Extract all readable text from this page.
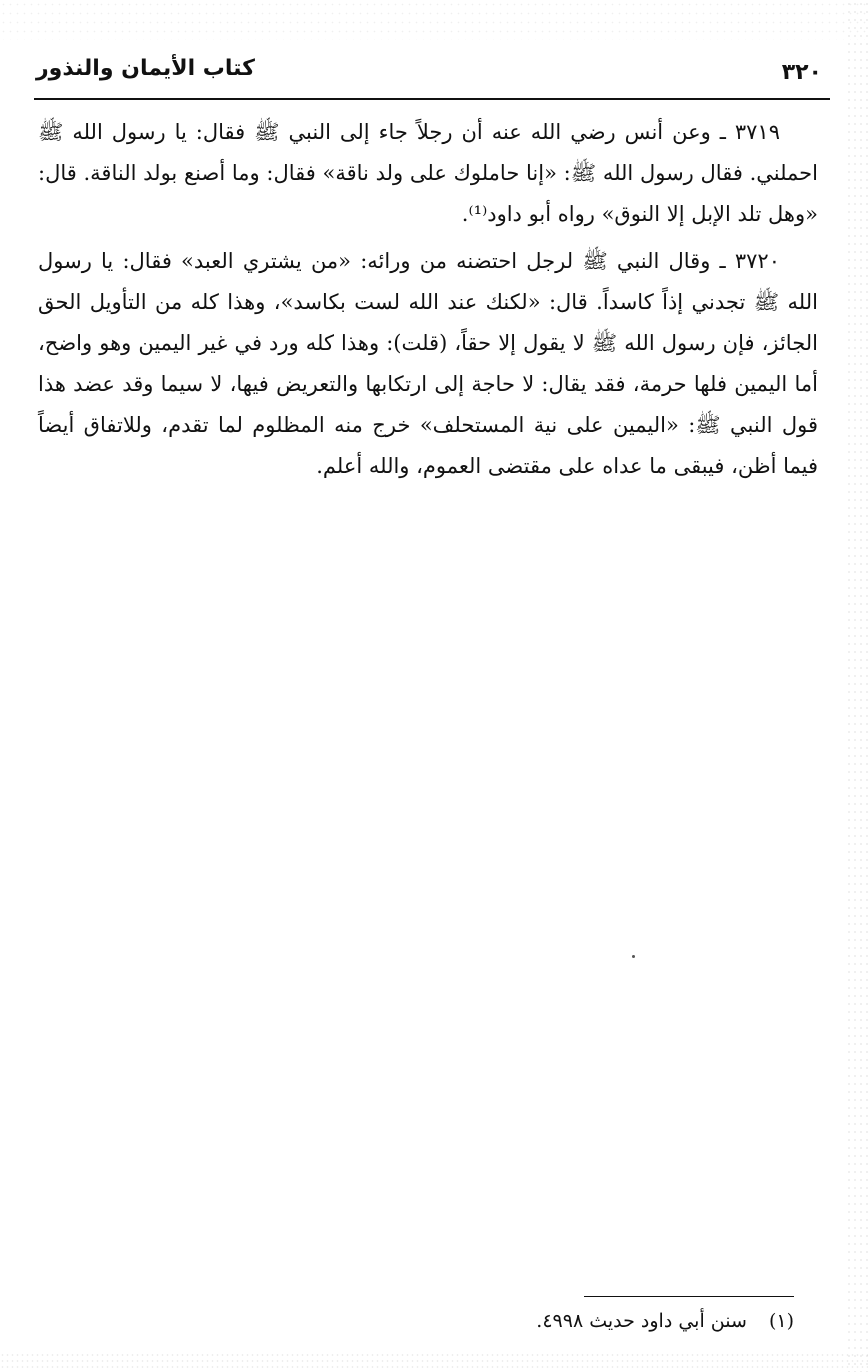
٣٢٠
كتاب الأيمان والنذور

٣٧١٩ ـ وعن أنس رضي الله عنه أن رجلاً جاء إلى النبي ﷺ فقال: يا رسول الله ﷺ احملني. فقال رسول الله ﷺ: «إنا حاملوك على ولد ناقة» فقال: وما أصنع بولد الناقة. قال: «وهل تلد الإبل إلا النوق» رواه أبو داود⁽¹⁾.

٣٧٢٠ ـ وقال النبي ﷺ لرجل احتضنه من ورائه: «من يشتري العبد» فقال: يا رسول الله ﷺ تجدني إذاً كاسداً. قال: «لكنك عند الله لست بكاسد»، وهذا كله من التأويل الحق الجائز، فإن رسول الله ﷺ لا يقول إلا حقاً، (قلت): وهذا كله ورد في غير اليمين وهو واضح، أما اليمين فلها حرمة، فقد يقال: لا حاجة إلى ارتكابها والتعريض فيها، لا سيما وقد عضد هذا قول النبي ﷺ: «اليمين على نية المستحلف» خرج منه المظلوم لما تقدم، وللاتفاق أيضاً فيما أظن، فيبقى ما عداه على مقتضى العموم، والله أعلم.

(١) سنن أبي داود حديث ٤٩٩٨.
